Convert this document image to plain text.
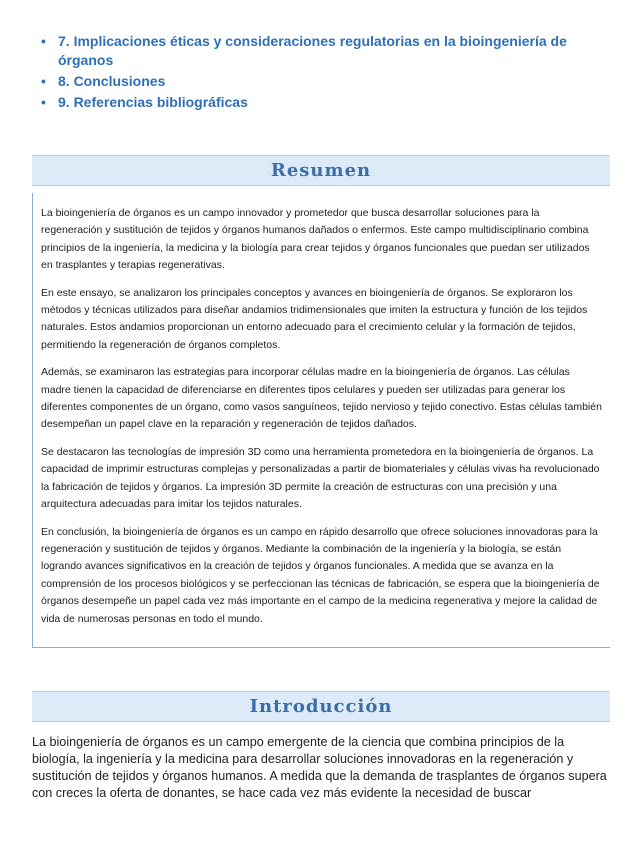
• 7. Implicaciones éticas y consideraciones regulatorias en la bioingeniería de órganos
• 8. Conclusiones
• 9. Referencias bibliográficas
Resumen

La bioingeniería de órganos es un campo innovador y prometedor que busca desarrollar soluciones para la regeneración y sustitución de tejidos y órganos humanos dañados o enfermos. Este campo multidisciplinario combina principios de la ingeniería, la medicina y la biología para crear tejidos y órganos funcionales que puedan ser utilizados en trasplantes y terapias regenerativas.

En este ensayo, se analizaron los principales conceptos y avances en bioingeniería de órganos. Se exploraron los métodos y técnicas utilizados para diseñar andamios tridimensionales que imiten la estructura y función de los tejidos naturales. Estos andamios proporcionan un entorno adecuado para el crecimiento celular y la formación de tejidos, permitiendo la regeneración de órganos completos.

Además, se examinaron las estrategias para incorporar células madre en la bioingeniería de órganos. Las células madre tienen la capacidad de diferenciarse en diferentes tipos celulares y pueden ser utilizadas para generar los diferentes componentes de un órgano, como vasos sanguíneos, tejido nervioso y tejido conectivo. Estas células también desempeñan un papel clave en la reparación y regeneración de tejidos dañados.

Se destacaron las tecnologías de impresión 3D como una herramienta prometedora en la bioingeniería de órganos. La capacidad de imprimir estructuras complejas y personalizadas a partir de biomateriales y células vivas ha revolucionado la fabricación de tejidos y órganos. La impresión 3D permite la creación de estructuras con una precisión y una arquitectura adecuadas para imitar los tejidos naturales.

En conclusión, la bioingeniería de órganos es un campo en rápido desarrollo que ofrece soluciones innovadoras para la regeneración y sustitución de tejidos y órganos. Mediante la combinación de la ingeniería y la biología, se están logrando avances significativos en la creación de tejidos y órganos funcionales. A medida que se avanza en la comprensión de los procesos biológicos y se perfeccionan las técnicas de fabricación, se espera que la bioingeniería de órganos desempeñe un papel cada vez más importante en el campo de la medicina regenerativa y mejore la calidad de vida de numerosas personas en todo el mundo.

Introducción

La bioingeniería de órganos es un campo emergente de la ciencia que combina principios de la biología, la ingeniería y la medicina para desarrollar soluciones innovadoras en la regeneración y sustitución de tejidos y órganos humanos. A medida que la demanda de trasplantes de órganos supera con creces la oferta de donantes, se hace cada vez más evidente la necesidad de buscar
